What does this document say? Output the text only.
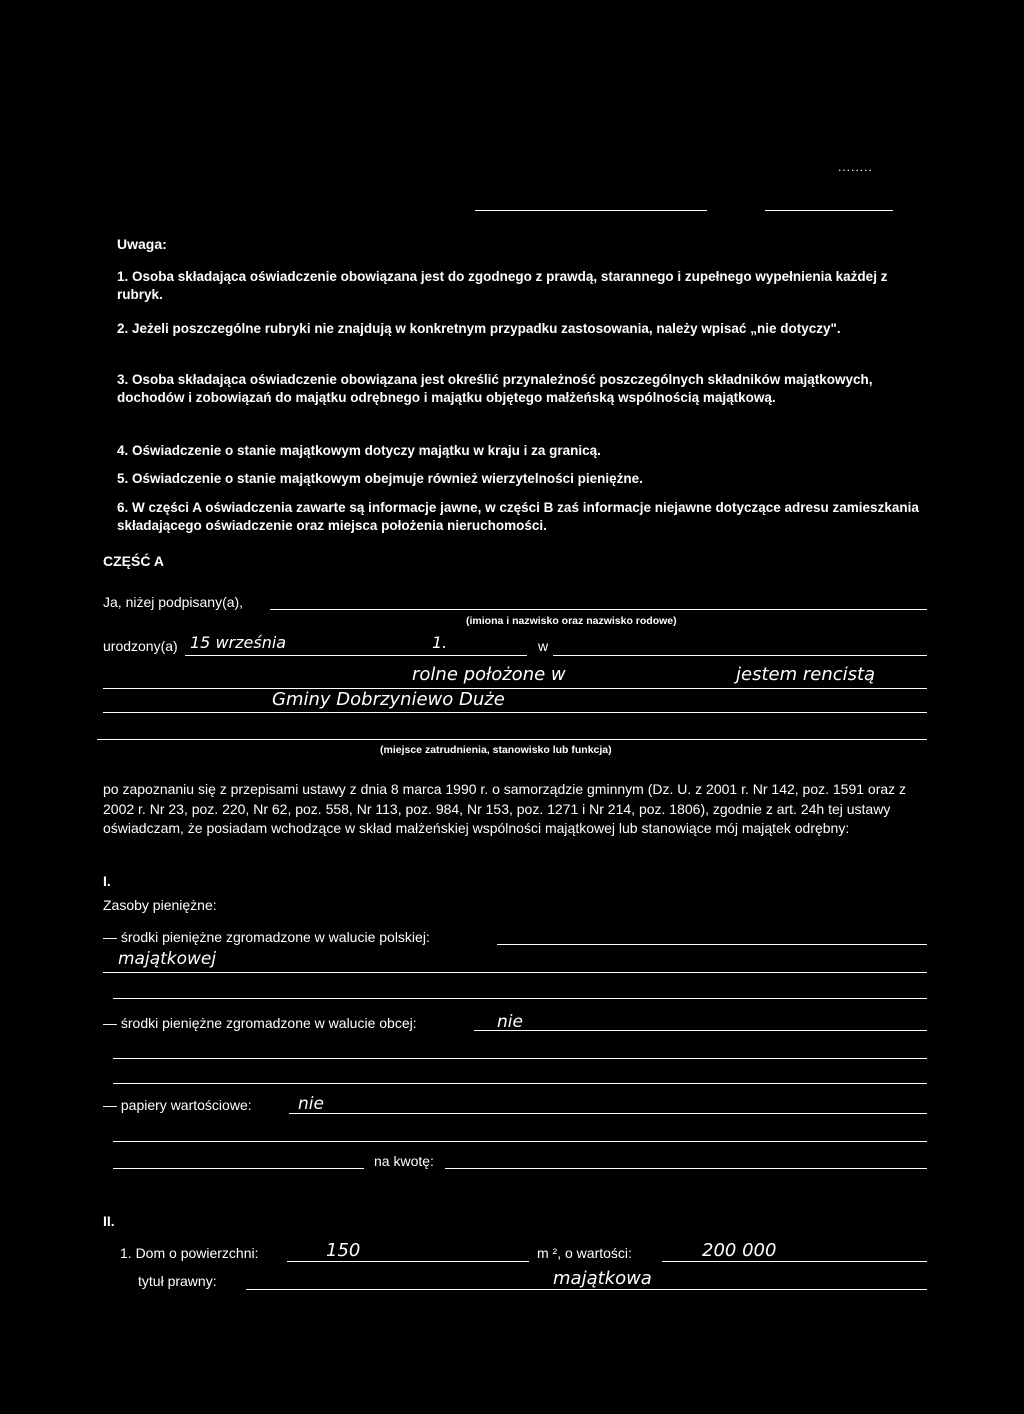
........
Uwaga:
1. Osoba składająca oświadczenie obowiązana jest do zgodnego z prawdą, starannego i zupełnego wypełnienia każdej z rubryk.
2. Jeżeli poszczególne rubryki nie znajdują w konkretnym przypadku zastosowania, należy wpisać „nie dotyczy".
3. Osoba składająca oświadczenie obowiązana jest określić przynależność poszczególnych składników majątkowych, dochodów i zobowiązań do majątku odrębnego i majątku objętego małżeńską wspólnością majątkową.
4. Oświadczenie o stanie majątkowym dotyczy majątku w kraju i za granicą.
5. Oświadczenie o stanie majątkowym obejmuje również wierzytelności pieniężne.
6. W części A oświadczenia zawarte są informacje jawne, w części B zaś informacje niejawne dotyczące adresu zamieszkania składającego oświadczenie oraz miejsca położenia nieruchomości.
CZĘŚĆ A
Ja, niżej podpisany(a),
(imiona i nazwisko oraz nazwisko rodowe)
urodzony(a) 15 września	1.	w
rolne położone w	jestem rencistą
Gminy Dobrzyniewo Duże
(miejsce zatrudnienia, stanowisko lub funkcja)
po zapoznaniu się z przepisami ustawy z dnia 8 marca 1990 r. o samorządzie gminnym (Dz. U. z 2001 r. Nr 142, poz. 1591 oraz z 2002 r. Nr 23, poz. 220, Nr 62, poz. 558, Nr 113, poz. 984, Nr 153, poz. 1271 i Nr 214, poz. 1806), zgodnie z art. 24h tej ustawy oświadczam, że posiadam wchodzące w skład małżeńskiej wspólności majątkowej lub stanowiące mój majątek odrębny:
I.
Zasoby pieniężne:
— środki pieniężne zgromadzone w walucie polskiej:
majątkowej
— środki pieniężne zgromadzone w walucie obcej:	nie
— papiery wartościowe:	nie
na kwotę:
II.
1. Dom o powierzchni:	150	m ², o wartości:	200 000
tytuł prawny:	majątkowa
